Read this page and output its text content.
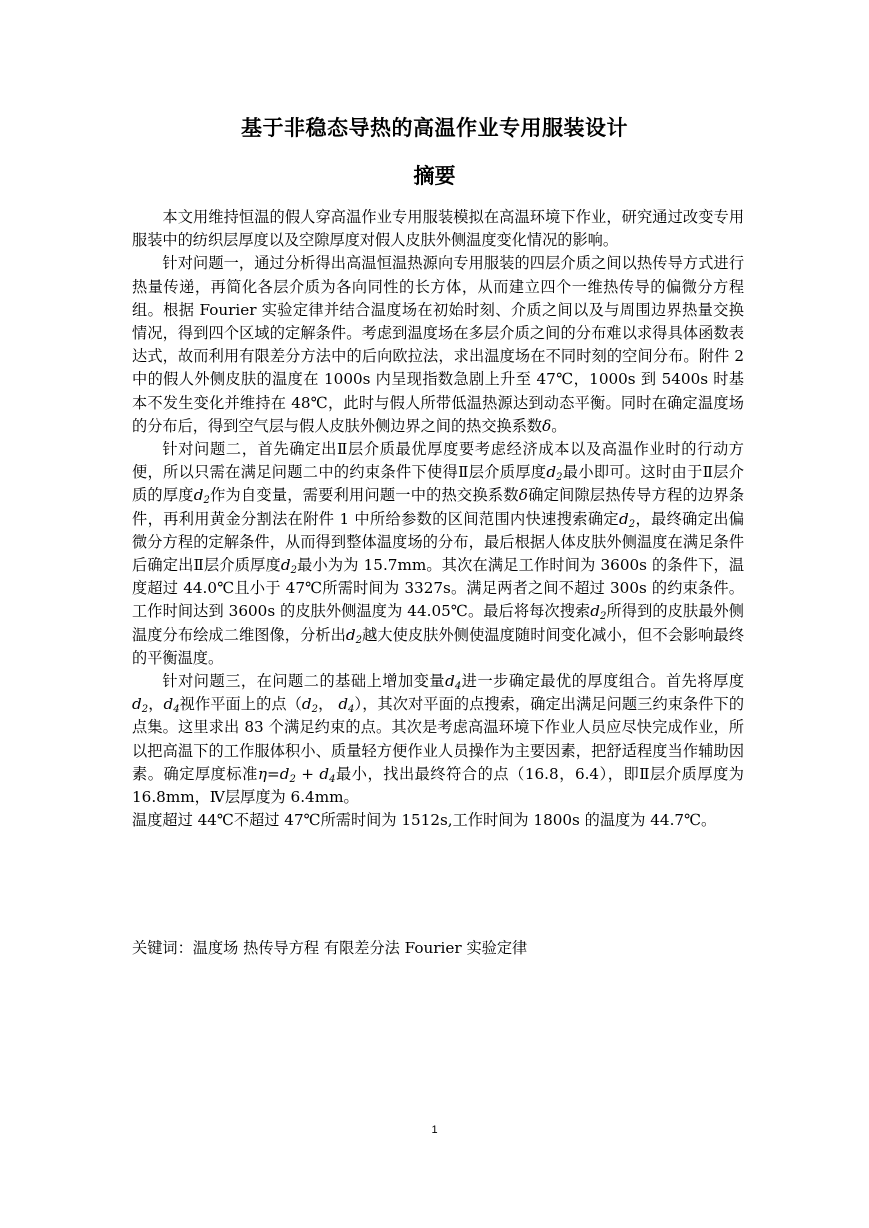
基于非稳态导热的高温作业专用服装设计
摘要

本文用维持恒温的假人穿高温作业专用服装模拟在高温环境下作业，研究通过改变专用服装中的纺织层厚度以及空隙厚度对假人皮肤外侧温度变化情况的影响。

针对问题一，通过分析得出高温恒温热源向专用服装的四层介质之间以热传导方式进行热量传递，再简化各层介质为各向同性的长方体，从而建立四个一维热传导的偏微分方程组。根据 Fourier 实验定律并结合温度场在初始时刻、介质之间以及与周围边界热量交换情况，得到四个区域的定解条件。考虑到温度场在多层介质之间的分布难以求得具体函数表达式，故而利用有限差分方法中的后向欧拉法，求出温度场在不同时刻的空间分布。附件 2 中的假人外侧皮肤的温度在 1000s 内呈现指数急剧上升至 47℃，1000s 到 5400s 时基本不发生变化并维持在 48℃，此时与假人所带低温热源达到动态平衡。同时在确定温度场的分布后，得到空气层与假人皮肤外侧边界之间的热交换系数δ。

针对问题二，首先确定出Ⅱ层介质最优厚度要考虑经济成本以及高温作业时的行动方便，所以只需在满足问题二中的约束条件下使得Ⅱ层介质厚度$d_2$最小即可。这时由于Ⅱ层介质的厚度$d_2$作为自变量，需要利用问题一中的热交换系数δ确定间隙层热传导方程的边界条件，再利用黄金分割法在附件 1 中所给参数的区间范围内快速搜索确定$d_2$，最终确定出偏微分方程的定解条件，从而得到整体温度场的分布，最后根据人体皮肤外侧温度在满足条件后确定出Ⅱ层介质厚度$d_2$最小为为 15.7mm。其次在满足工作时间为 3600s 的条件下，温度超过 44.0℃且小于 47℃所需时间为 3327s。满足两者之间不超过 300s 的约束条件。工作时间达到 3600s 的皮肤外侧温度为 44.05℃。最后将每次搜索$d_2$所得到的皮肤最外侧温度分布绘成二维图像，分析出$d_2$越大使皮肤外侧使温度随时间变化减小，但不会影响最终的平衡温度。

针对问题三，在问题二的基础上增加变量$d_4$进一步确定最优的厚度组合。首先将厚度$d_2$，$d_4$视作平面上的点（$d_2$， $d_4$），其次对平面的点搜索，确定出满足问题三约束条件下的点集。这里求出 83 个满足约束的点。其次是考虑高温环境下作业人员应尽快完成作业，所以把高温下的工作服体积小、质量轻方便作业人员操作为主要因素，把舒适程度当作辅助因素。确定厚度标准$\eta=d_2 + d_4$最小，找出最终符合的点（16.8，6.4），即Ⅱ层介质厚度为 16.8mm，Ⅳ层厚度为 6.4mm。

温度超过 44℃不超过 47℃所需时间为 1512s,工作时间为 1800s 的温度为 44.7℃。
关键词：温度场 热传导方程 有限差分法 Fourier 实验定律
1
